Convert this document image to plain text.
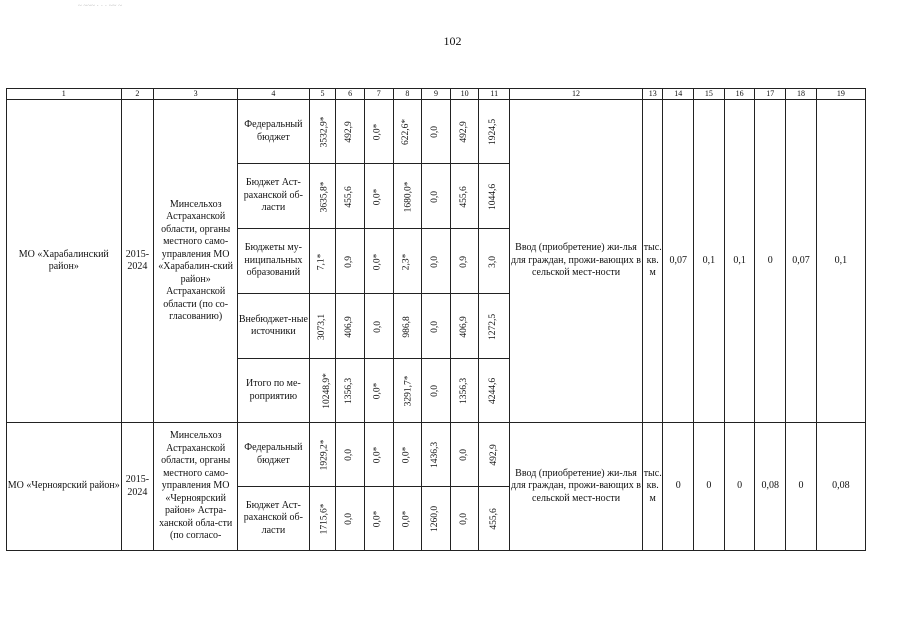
~ ~~~ · · · ~~ ~
102
1	2	3	4	5	6	7	8	9	10	11	12	13	14	15	16	17	18	19
МО «Харабалинский район»	2015-2024	Минсельхоз Астраханской области, органы местного само-управления МО «Харабалин-ский район» Астраханской области (по со-гласованию)	Федеральный бюджет	3532,9*	492,9	0,0*	622,6*	0,0	492,9	1924,5	Ввод (приобретение) жи-лья для граждан, прожи-вающих в сельской мест-ности	тыс. кв. м	0,07	0,1	0,1	0	0,07	0,1
			Бюджет Аст-раханской об-ласти	3635,8*	455,6	0,0*	1680,0*	0,0	455,6	1044,6								
			Бюджеты му-ниципальных образований	7,1*	0,9	0,0*	2,3*	0,0	0,9	3,0								
			Внебюджет-ные источники	3073,1	406,9	0,0	986,8	0,0	406,9	1272,5								
			Итого по ме-роприятию	10248,9*	1356,3	0,0*	3291,7*	0,0	1356,3	4244,6								
МО «Черноярский район»	2015-2024	Минсельхоз Астраханской области, органы местного само-управления МО «Черноярский район» Астра-ханской обла-сти (по согласо-	Федеральный бюджет	1929,2*	0,0	0,0*	0,0*	1436,3	0,0	492,9	Ввод (приобретение) жи-лья для граждан, прожи-вающих в сельской мест-ности	тыс. кв. м	0	0	0	0,08	0	0,08
			Бюджет Аст-раханской об-ласти	1715,6*	0,0	0,0*	0,0*	1260,0	0,0	455,6								
